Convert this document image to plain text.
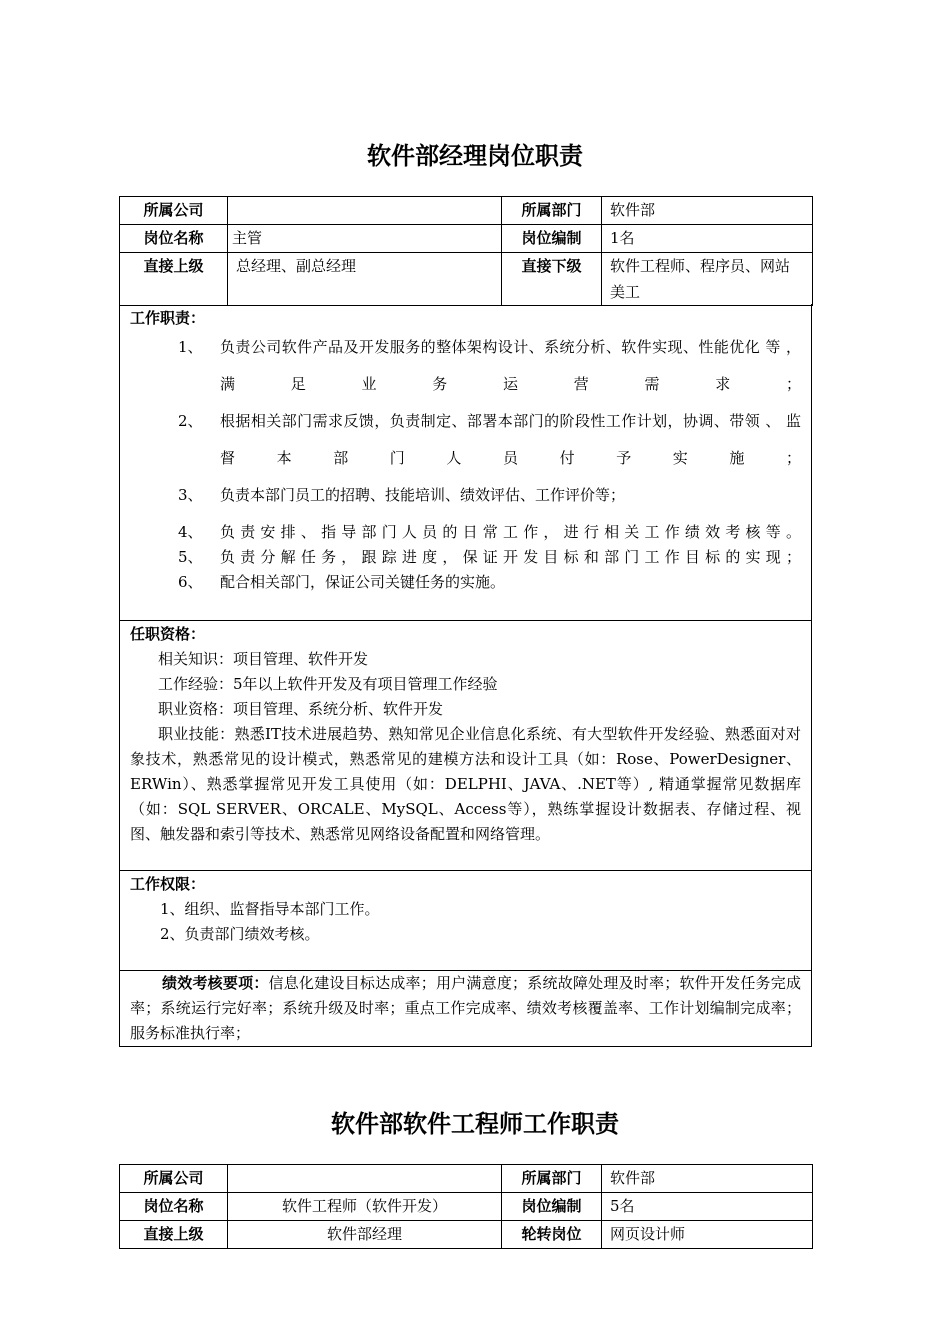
软件部经理岗位职责
所属公司		所属部门	软件部
岗位名称	主管	岗位编制	1名
直接上级	总经理、副总经理	直接下级	软件工程师、程序员、网站美工
工作职责：
1、 负责公司软件产品及开发服务的整体架构设计、系统分析、软件实现、性能优化 等 ， 满 足 业 务 运 营 需 求 ；
2、 根据相关部门需求反馈，负责制定、部署本部门的阶段性工作计划，协调、带领 、 监 督 本 部 门 人 员 付 予 实 施 ；
3、 负责本部门员工的招聘、技能培训、绩效评估、工作评价等；
4、 负责安排、指导部门人员的日常工作，进行相关工作绩效考核等。
5、 负责分解任务，跟踪进度，保证开发目标和部门工作目标的实现；
6、 配合相关部门，保证公司关键任务的实施。
任职资格：
相关知识：项目管理、软件开发
工作经验：5年以上软件开发及有项目管理工作经验
职业资格：项目管理、系统分析、软件开发
职业技能：熟悉IT技术进展趋势、熟知常见企业信息化系统、有大型软件开发经验、熟悉面对对象技术，熟悉常见的设计模式，熟悉常见的建模方法和设计工具（如：Rose、PowerDesigner、ERWin）、熟悉掌握常见开发工具使用（如：DELPHI、JAVA、.NET等）, 精通掌握常见数据库（如：SQL SERVER、ORCALE、MySQL、Access等），熟练掌握设计数据表、存储过程、视图、触发器和索引等技术、熟悉常见网络设备配置和网络管理。
工作权限：
1、组织、监督指导本部门工作。
2、负责部门绩效考核。
绩效考核要项：信息化建设目标达成率；用户满意度；系统故障处理及时率；软件开发任务完成率；系统运行完好率；系统升级及时率；重点工作完成率、绩效考核覆盖率、工作计划编制完成率；服务标准执行率；
软件部软件工程师工作职责
所属公司		所属部门	软件部
岗位名称	软件工程师（软件开发）	岗位编制	5名
直接上级	软件部经理	轮转岗位	网页设计师
